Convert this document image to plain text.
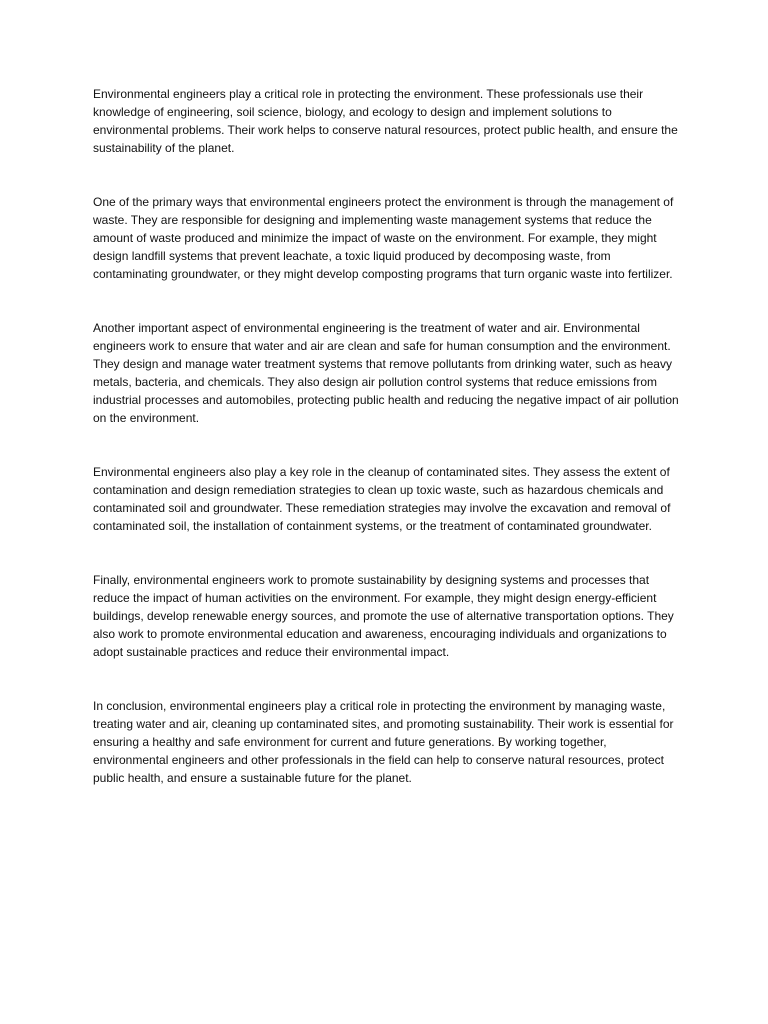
Environmental engineers play a critical role in protecting the environment. These professionals use their knowledge of engineering, soil science, biology, and ecology to design and implement solutions to environmental problems. Their work helps to conserve natural resources, protect public health, and ensure the sustainability of the planet.

One of the primary ways that environmental engineers protect the environment is through the management of waste. They are responsible for designing and implementing waste management systems that reduce the amount of waste produced and minimize the impact of waste on the environment. For example, they might design landfill systems that prevent leachate, a toxic liquid produced by decomposing waste, from contaminating groundwater, or they might develop composting programs that turn organic waste into fertilizer.

Another important aspect of environmental engineering is the treatment of water and air. Environmental engineers work to ensure that water and air are clean and safe for human consumption and the environment. They design and manage water treatment systems that remove pollutants from drinking water, such as heavy metals, bacteria, and chemicals. They also design air pollution control systems that reduce emissions from industrial processes and automobiles, protecting public health and reducing the negative impact of air pollution on the environment.

Environmental engineers also play a key role in the cleanup of contaminated sites. They assess the extent of contamination and design remediation strategies to clean up toxic waste, such as hazardous chemicals and contaminated soil and groundwater. These remediation strategies may involve the excavation and removal of contaminated soil, the installation of containment systems, or the treatment of contaminated groundwater.

Finally, environmental engineers work to promote sustainability by designing systems and processes that reduce the impact of human activities on the environment. For example, they might design energy-efficient buildings, develop renewable energy sources, and promote the use of alternative transportation options. They also work to promote environmental education and awareness, encouraging individuals and organizations to adopt sustainable practices and reduce their environmental impact.

In conclusion, environmental engineers play a critical role in protecting the environment by managing waste, treating water and air, cleaning up contaminated sites, and promoting sustainability. Their work is essential for ensuring a healthy and safe environment for current and future generations. By working together, environmental engineers and other professionals in the field can help to conserve natural resources, protect public health, and ensure a sustainable future for the planet.
